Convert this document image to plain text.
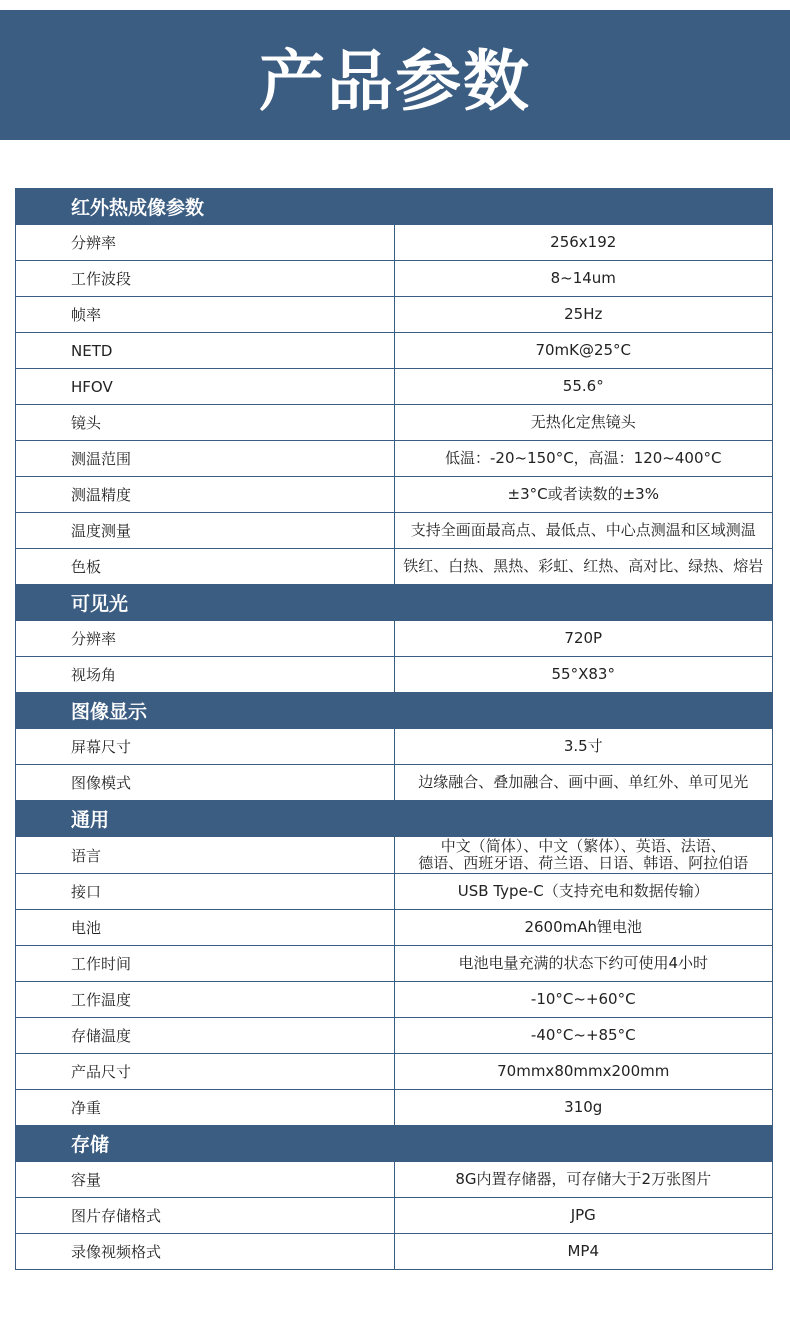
产品参数
红外热成像参数	
分辨率	256x192
工作波段	8~14um
帧率	25Hz
NETD	70mK@25°C
HFOV	55.6°
镜头	无热化定焦镜头
测温范围	低温：-20~150°C，高温：120~400°C
测温精度	±3°C或者读数的±3%
温度测量	支持全画面最高点、最低点、中心点测温和区域测温
色板	铁红、白热、黑热、彩虹、红热、高对比、绿热、熔岩
可见光	
分辨率	720P
视场角	55°X83°
图像显示	
屏幕尺寸	3.5寸
图像模式	边缘融合、叠加融合、画中画、单红外、单可见光
通用	
语言	中文（简体）、中文（繁体）、英语、法语、
德语、西班牙语、荷兰语、日语、韩语、阿拉伯语

接口	USB Type-C（支持充电和数据传输）
电池	2600mAh锂电池
工作时间	电池电量充满的状态下约可使用4小时
工作温度	-10°C~+60°C
存储温度	-40°C~+85°C
产品尺寸	70mmx80mmx200mm
净重	310g
存储	
容量	8G内置存储器，可存储大于2万张图片
图片存储格式	JPG
录像视频格式	MP4
